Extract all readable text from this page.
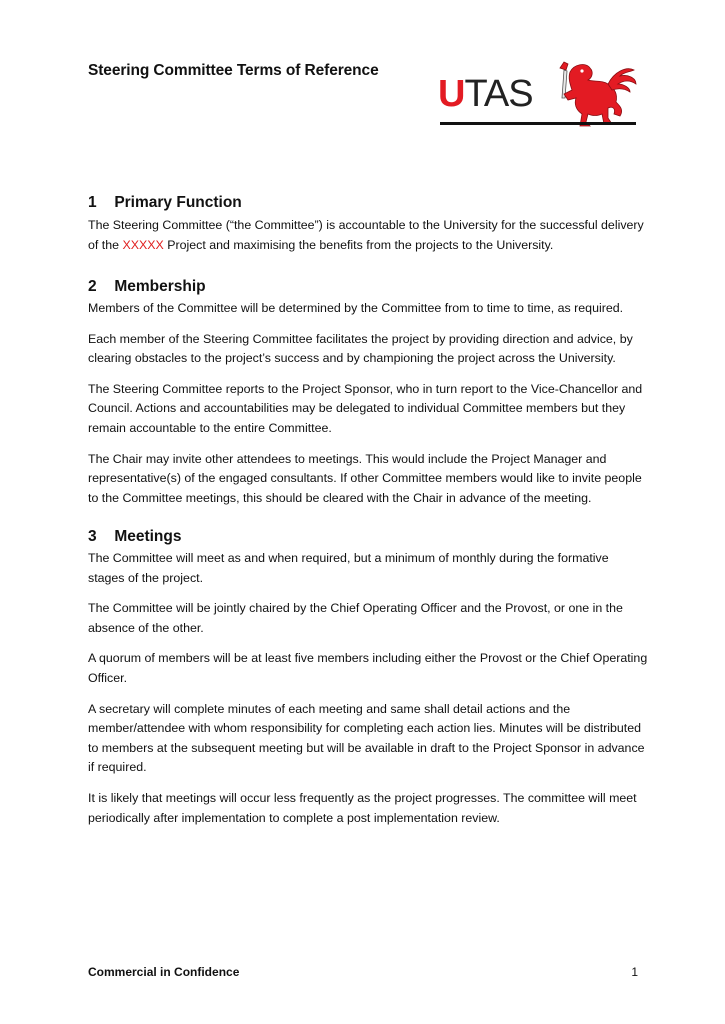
Steering Committee Terms of Reference
UTAS
1 Primary Function

The Steering Committee (“the Committee”) is accountable to the University for the successful delivery of the XXXXX Project and maximising the benefits from the projects to the University.

2 Membership

Members of the Committee will be determined by the Committee from to time to time, as required.

Each member of the Steering Committee facilitates the project by providing direction and advice, by clearing obstacles to the project’s success and by championing the project across the University.

The Steering Committee reports to the Project Sponsor, who in turn report to the Vice-Chancellor and Council. Actions and accountabilities may be delegated to individual Committee members but they remain accountable to the entire Committee.

The Chair may invite other attendees to meetings. This would include the Project Manager and representative(s) of the engaged consultants. If other Committee members would like to invite people to the Committee meetings, this should be cleared with the Chair in advance of the meeting.

3 Meetings

The Committee will meet as and when required, but a minimum of monthly during the formative stages of the project.

The Committee will be jointly chaired by the Chief Operating Officer and the Provost, or one in the absence of the other.

A quorum of members will be at least five members including either the Provost or the Chief Operating Officer.

A secretary will complete minutes of each meeting and same shall detail actions and the member/attendee with whom responsibility for completing each action lies. Minutes will be distributed to members at the subsequent meeting but will be available in draft to the Project Sponsor in advance if required.

It is likely that meetings will occur less frequently as the project progresses. The committee will meet periodically after implementation to complete a post implementation review.

Commercial in Confidence	1
